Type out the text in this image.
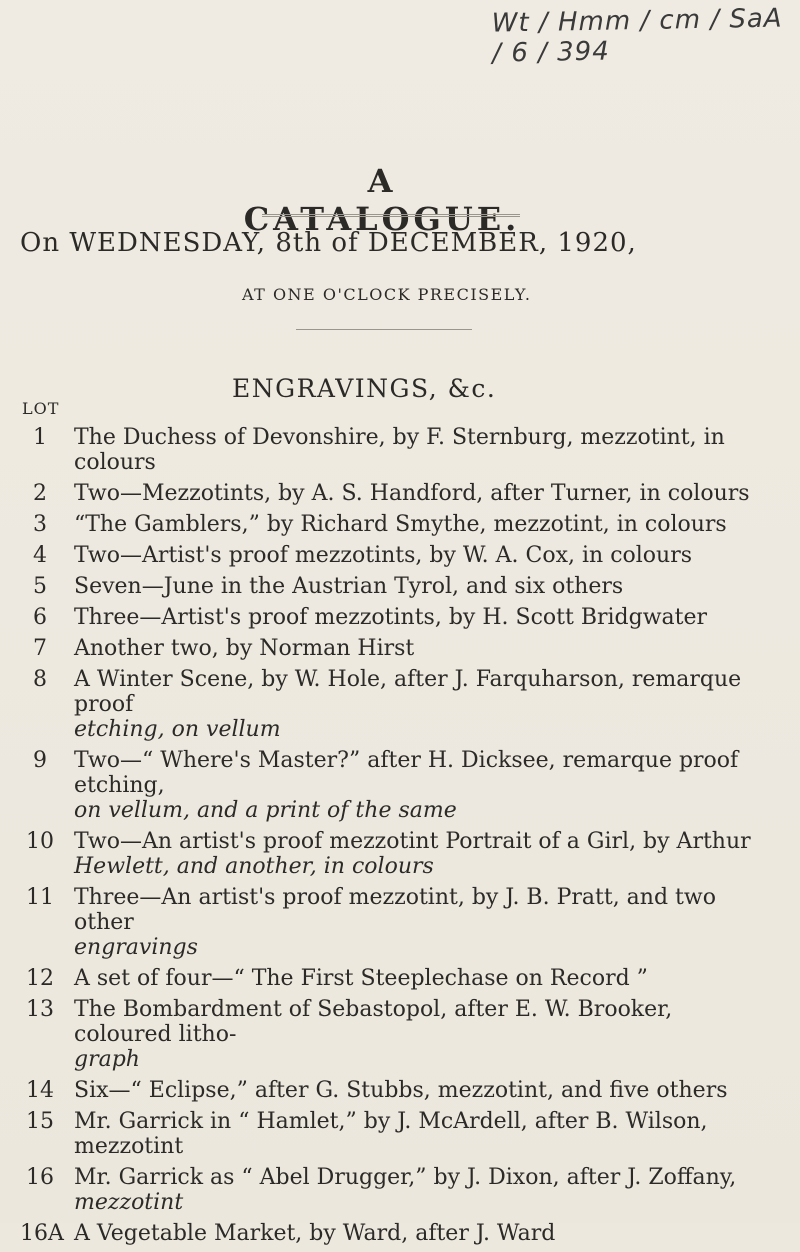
Wt / Hmm / cm / SaA / 6 / 394
A CATALOGUE.
On WEDNESDAY, 8th of DECEMBER, 1920,
AT ONE O'CLOCK PRECISELY.
ENGRAVINGS, &c.
LOT
1	The Duchess of Devonshire, by F. Sternburg, mezzotint, in colours
2	Two—Mezzotints, by A. S. Handford, after Turner, in colours
3	“The Gamblers,” by Richard Smythe, mezzotint, in colours
4	Two—Artist's proof mezzotints, by W. A. Cox, in colours
5	Seven—June in the Austrian Tyrol, and six others
6	Three—Artist's proof mezzotints, by H. Scott Bridgwater
7	Another two, by Norman Hirst
8	A Winter Scene, by W. Hole, after J. Farquharson, remarque proof
etching, on vellum
9	Two—“ Where's Master?” after H. Dicksee, remarque proof etching,
on vellum, and a print of the same
10 Two—An artist's proof mezzotint Portrait of a Girl, by Arthur
Hewlett, and another, in colours
11 Three—An artist's proof mezzotint, by J. B. Pratt, and two other
engravings
12 A set of four—“ The First Steeplechase on Record ”
13 The Bombardment of Sebastopol, after E. W. Brooker, coloured litho-
graph
14 Six—“ Eclipse,” after G. Stubbs, mezzotint, and five others
15 Mr. Garrick in “ Hamlet,” by J. McArdell, after B. Wilson, mezzotint
16 Mr. Garrick as “ Abel Drugger,” by J. Dixon, after J. Zoffany,
mezzotint
16A A Vegetable Market, by Ward, after J. Ward
